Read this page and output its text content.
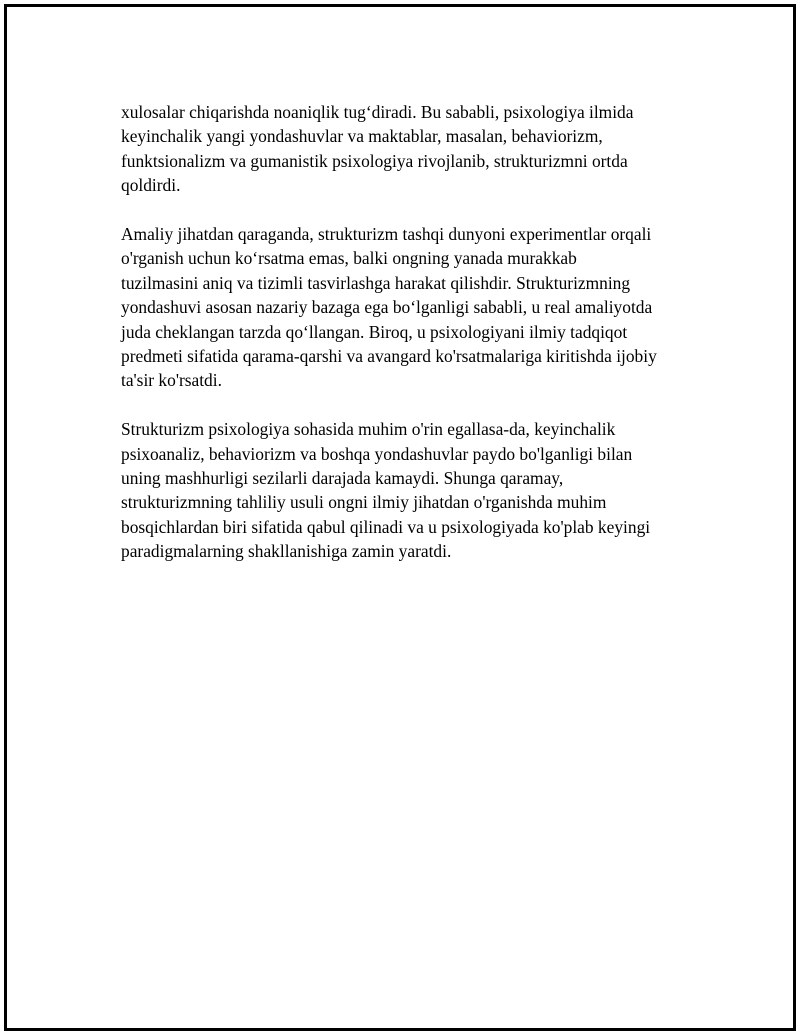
xulosalar chiqarishda noaniqlik tug‘diradi. Bu sababli, psixologiya ilmida
keyinchalik yangi yondashuvlar va maktablar, masalan, behaviorizm,
funktsionalizm va gumanistik psixologiya rivojlanib, strukturizmni ortda
qoldirdi.

Amaliy jihatdan qaraganda, strukturizm tashqi dunyoni experimentlar orqali
o'rganish uchun ko‘rsatma emas, balki ongning yanada murakkab
tuzilmasini aniq va tizimli tasvirlashga harakat qilishdir. Strukturizmning
yondashuvi asosan nazariy bazaga ega bo‘lganligi sababli, u real amaliyotda
juda cheklangan tarzda qo‘llangan. Biroq, u psixologiyani ilmiy tadqiqot
predmeti sifatida qarama-qarshi va avangard ko'rsatmalariga kiritishda ijobiy
ta'sir ko'rsatdi.

Strukturizm psixologiya sohasida muhim o'rin egallasa-da, keyinchalik
psixoanaliz, behaviorizm va boshqa yondashuvlar paydo bo'lganligi bilan
uning mashhurligi sezilarli darajada kamaydi. Shunga qaramay,
strukturizmning tahliliy usuli ongni ilmiy jihatdan o'rganishda muhim
bosqichlardan biri sifatida qabul qilinadi va u psixologiyada ko'plab keyingi
paradigmalarning shakllanishiga zamin yaratdi.
